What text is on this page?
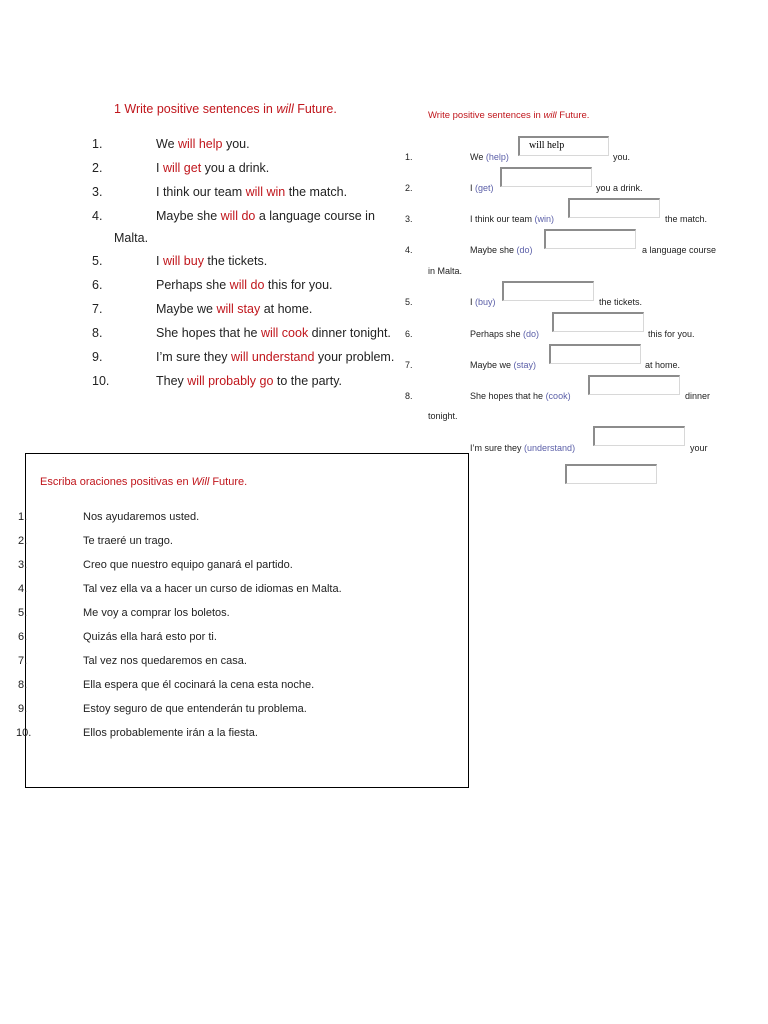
1 Write positive sentences in will Future.
1.	We will help you.
2.	I will get you a drink.
3.	I think our team will win the match.
4.	Maybe she will do a language course in
Malta.
5.	I will buy the tickets.
6.	Perhaps she will do this for you.
7.	Maybe we will stay at home.
8.	She hopes that he will cook dinner tonight.
9.	I’m sure they will understand your problem.
10.	They will probably go to the party.
Write positive sentences in will Future.
1.	We (help)
will help
you.
2.	I (get)	you a drink.
3.	I think our team (win)	the match.
4.	Maybe she (do)	a language course
in Malta.
5.	I (buy)	the tickets.
6.	Perhaps she (do)	this for you.
7.	Maybe we (stay)	at home.
8.	She hopes that he (cook)	dinner
tonight.
I’m sure they (understand)	your
Escriba oraciones positivas en Will Future.
1.	Nos ayudaremos usted.
2.	Te traeré un trago.
3.	Creo que nuestro equipo ganará el partido.
4.	Tal vez ella va a hacer un curso de idiomas en Malta.
5.	Me voy a comprar los boletos.
6.	Quizás ella hará esto por ti.
7.	Tal vez nos quedaremos en casa.
8.	Ella espera que él cocinará la cena esta noche.
9.	Estoy seguro de que entenderán tu problema.
10.	Ellos probablemente irán a la fiesta.
